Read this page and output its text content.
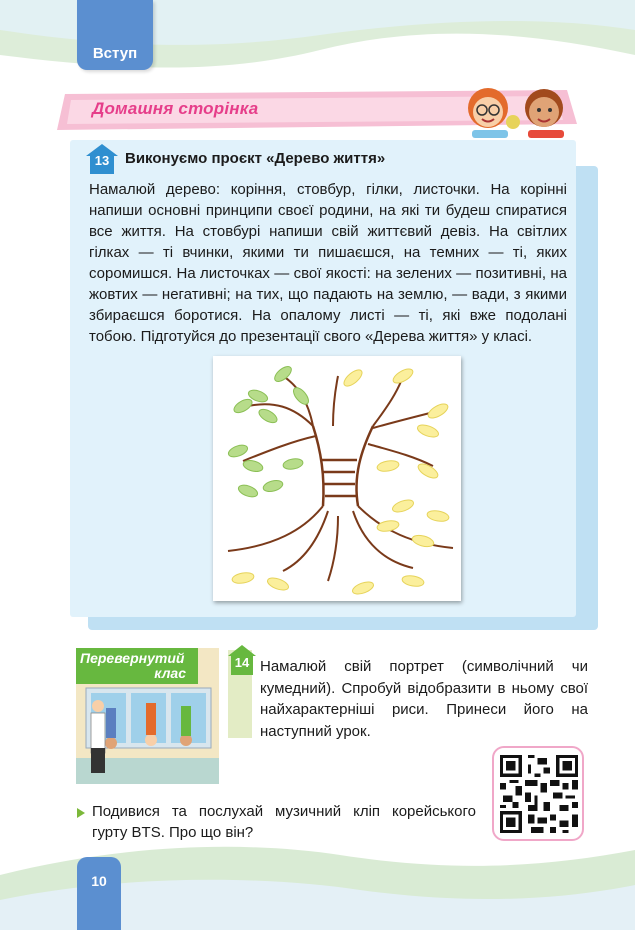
Вступ
Домашня сторінка
13	Виконуємо проєкт «Дерево життя»

Намалюй дерево: коріння, стовбур, гілки, листочки. На корінні напиши основні принципи своєї родини, на які ти будеш спиратися все життя. На стовбурі напиши свій життєвий девіз. На світлих гілках — ті вчинки, якими ти пишаєшся, на темних — ті, яких соромишся. На листочках — свої якості: на зелених — позитивні, на жовтих — негативні; на тих, що падають на землю, — вади, з якими збираєшся боротися. На опалому листі — ті, які вже подолані тобою. Підготуйся до презентації свого «Дерева життя» у класі.

Перевернутий
клас
14 Намалюй свій портрет (символічний чи кумедний). Спробуй відобразити в ньому свої найхарактерніші риси. Принеси його на наступний урок.

Подивися та послухай музичний кліп корейського гурту BTS. Про що він?

10
